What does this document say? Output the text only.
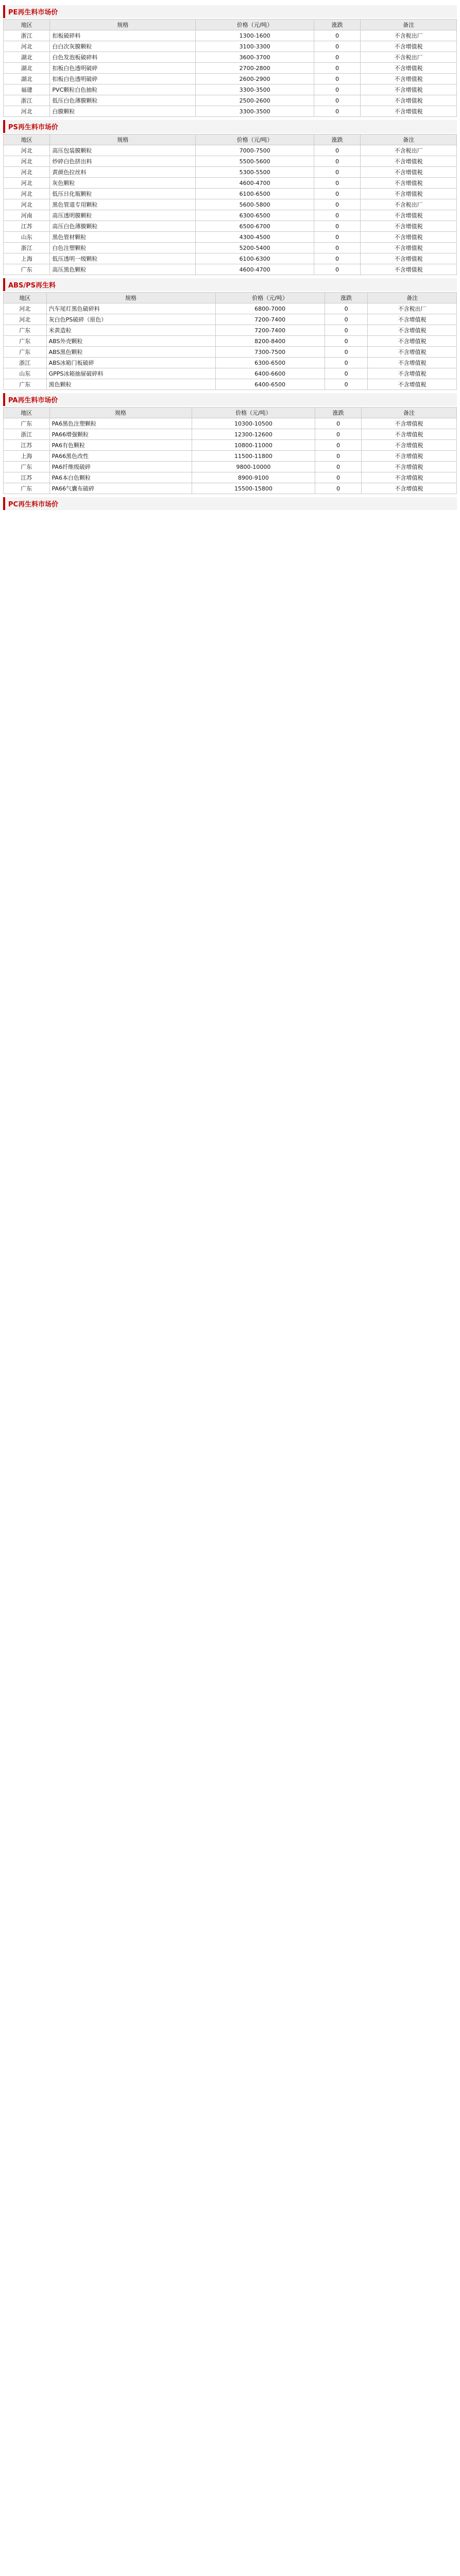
PE再生料市场价
地区	规格	价格（元/吨）	涨跌	备注
浙江	扣板破碎料	1300-1600	0	不含税出厂
河北	白白次灰膜颗粒	3100-3300	0	不含增值税
湖北	白色发泡板破碎料	3600-3700	0	不含税出厂
湖北	扣板白色透明破碎	2700-2800	0	不含增值税
湖北	扣板白色透明破碎	2600-2900	0	不含增值税
福建	PVC颗粒白色抽粒	3300-3500	0	不含增值税
浙江	低压白色薄膜颗粒	2500-2600	0	不含增值税
河北	白膜颗粒	3300-3500	0	不含增值税
PS再生料市场价
地区	规格	价格（元/吨）	涨跌	备注
河北	高压包装膜颗粒	7000-7500	0	不含税出厂
河北	炒碎白色挤出料	5500-5600	0	不含增值税
河北	黄颜色拉丝料	5300-5500	0	不含增值税
河北	灰色颗粒	4600-4700	0	不含增值税
河北	低压日化瓶颗粒	6100-6500	0	不含增值税
河北	黑色管道专用颗粒	5600-5800	0	不含税出厂
河南	高压透明膜颗粒	6300-6500	0	不含增值税
江苏	高压白色薄膜颗粒	6500-6700	0	不含增值税
山东	黑色管材颗粒	4300-4500	0	不含增值税
浙江	白色注塑颗粒	5200-5400	0	不含增值税
上海	低压透明一级颗粒	6100-6300	0	不含增值税
广东	高压黑色颗粒	4600-4700	0	不含增值税
ABS/PS再生料
地区	规格	价格（元/吨）	涨跌	备注
河北	汽车尾灯黑色破碎料	6800-7000	0	不含税出厂
河北	灰白色PS破碎（原色）	7200-7400	0	不含增值税
广东	米黄造粒	7200-7400	0	不含增值税
广东	ABS外壳颗粒	8200-8400	0	不含增值税
广东	ABS黑色颗粒	7300-7500	0	不含增值税
浙江	ABS冰箱门板破碎	6300-6500	0	不含增值税
山东	GPPS冰箱抽屉破碎料	6400-6600	0	不含增值税
广东	黑色颗粒	6400-6500	0	不含增值税
PA再生料市场价
地区	规格	价格（元/吨）	涨跌	备注
广东	PA6黑色注塑颗粒	10300-10500	0	不含增值税
浙江	PA66增强颗粒	12300-12600	0	不含增值税
江苏	PA6有色颗粒	10800-11000	0	不含增值税
上海	PA66黑色改性	11500-11800	0	不含增值税
广东	PA6纤维级破碎	9800-10000	0	不含增值税
江苏	PA6本白色颗粒	8900-9100	0	不含增值税
广东	PA66气囊布破碎	15500-15800	0	不含增值税
PC再生料市场价
